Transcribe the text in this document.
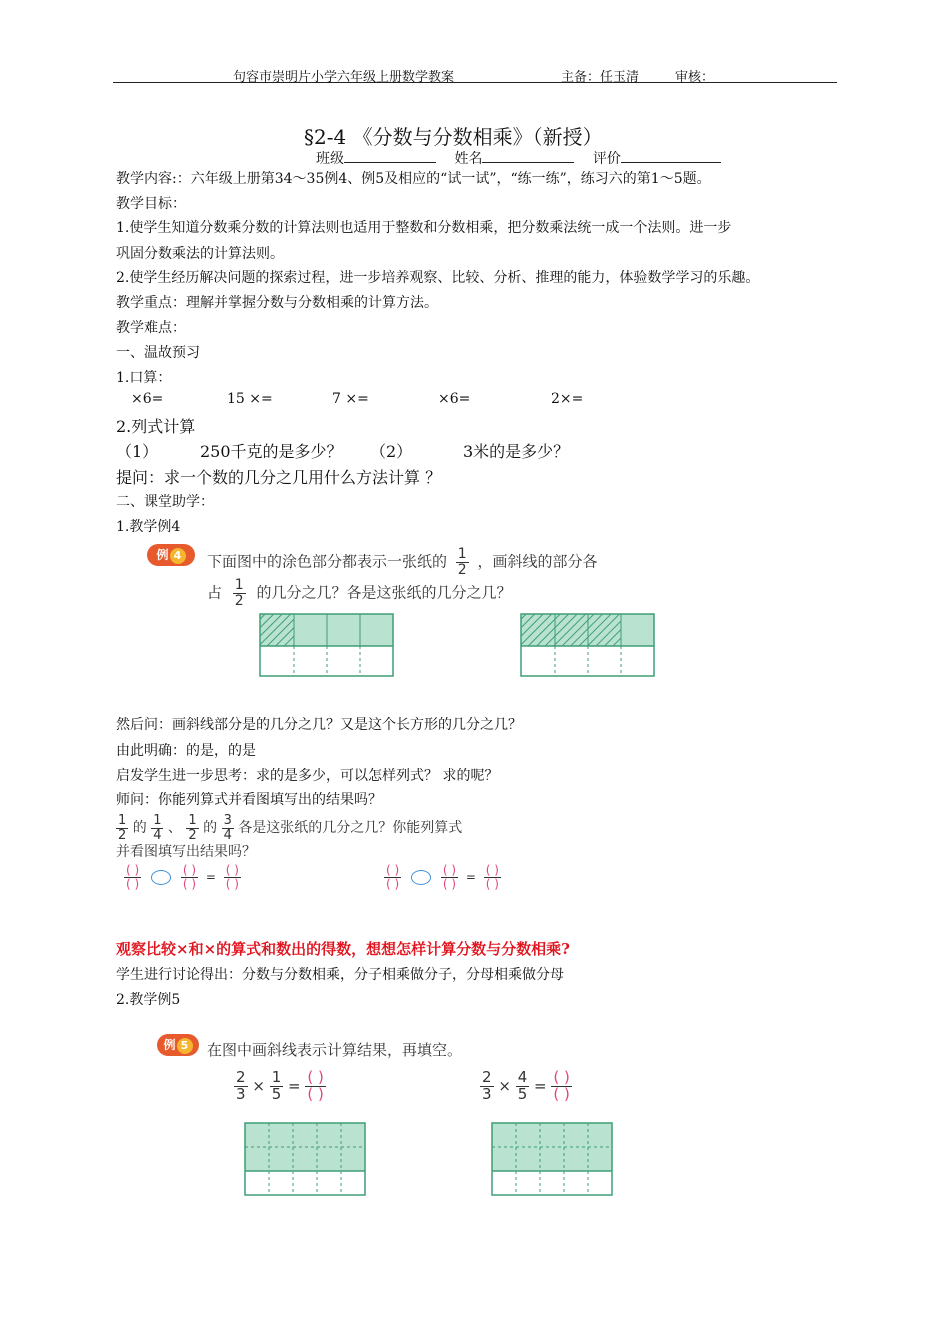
句容市崇明片小学六年级上册数学教案	主备：任玉清	审核：
§2-4 《分数与分数相乘》（新授）
班级	姓名	评价
教学内容:：六年级上册第34～35例4、例5及相应的“试一试”，“练一练”，练习六的第1～5题。
教学目标：
1.使学生知道分数乘分数的计算法则也适用于整数和分数相乘，把分数乘法统一成一个法则。进一步
巩固分数乘法的计算法则。
2.使学生经历解决问题的探索过程，进一步培养观察、比较、分析、推理的能力，体验数学学习的乐趣。
教学重点：理解并掌握分数与分数相乘的计算方法。
教学难点：
一、温故预习
1.口算：
×6=	15 ×=	7 ×=	×6=	2×=
2.列式计算
（1）	250千克的是多少？ （2）	3米的是多少？
提问：求一个数的几分之几用什么方法计算 ？
二、课堂助学：
1.教学例4
例 4	下面图中的涂色部分都表示一张纸的 $\frac{1}{2}$ ，画斜线的部分各
占 $\frac{1}{2}$ 的几分之几？各是这张纸的几分之几？
然后问：画斜线部分是的几分之几？又是这个长方形的几分之几？
由此明确：的是，的是
启发学生进一步思考：求的是多少，可以怎样列式？ 求的呢？
师问：你能列算式并看图填写出的结果吗？
$\frac{1}{2}$ 的 $\frac{1}{4}$ 、 $\frac{1}{2}$ 的 $\frac{3}{4}$ 各是这张纸的几分之几？你能列算式
并看图填写出结果吗？
$\frac{( )}{( )}$
	$\frac{( )}{( )} = \frac{( )}{( )}$	$\frac{( )}{( )}$
	$\frac{( )}{( )} = \frac{( )}{( )}$
观察比较×和×的算式和数出的得数，想想怎样计算分数与分数相乘?
学生进行讨论得出：分数与分数相乘，分子相乘做分子，分母相乘做分母
2.教学例5
例 5	在图中画斜线表示计算结果，再填空。
$\frac{2}{3} \times \frac{1}{5} = \frac{( )}{( )}$	$\frac{2}{3} \times \frac{4}{5} = \frac{( )}{( )}$
